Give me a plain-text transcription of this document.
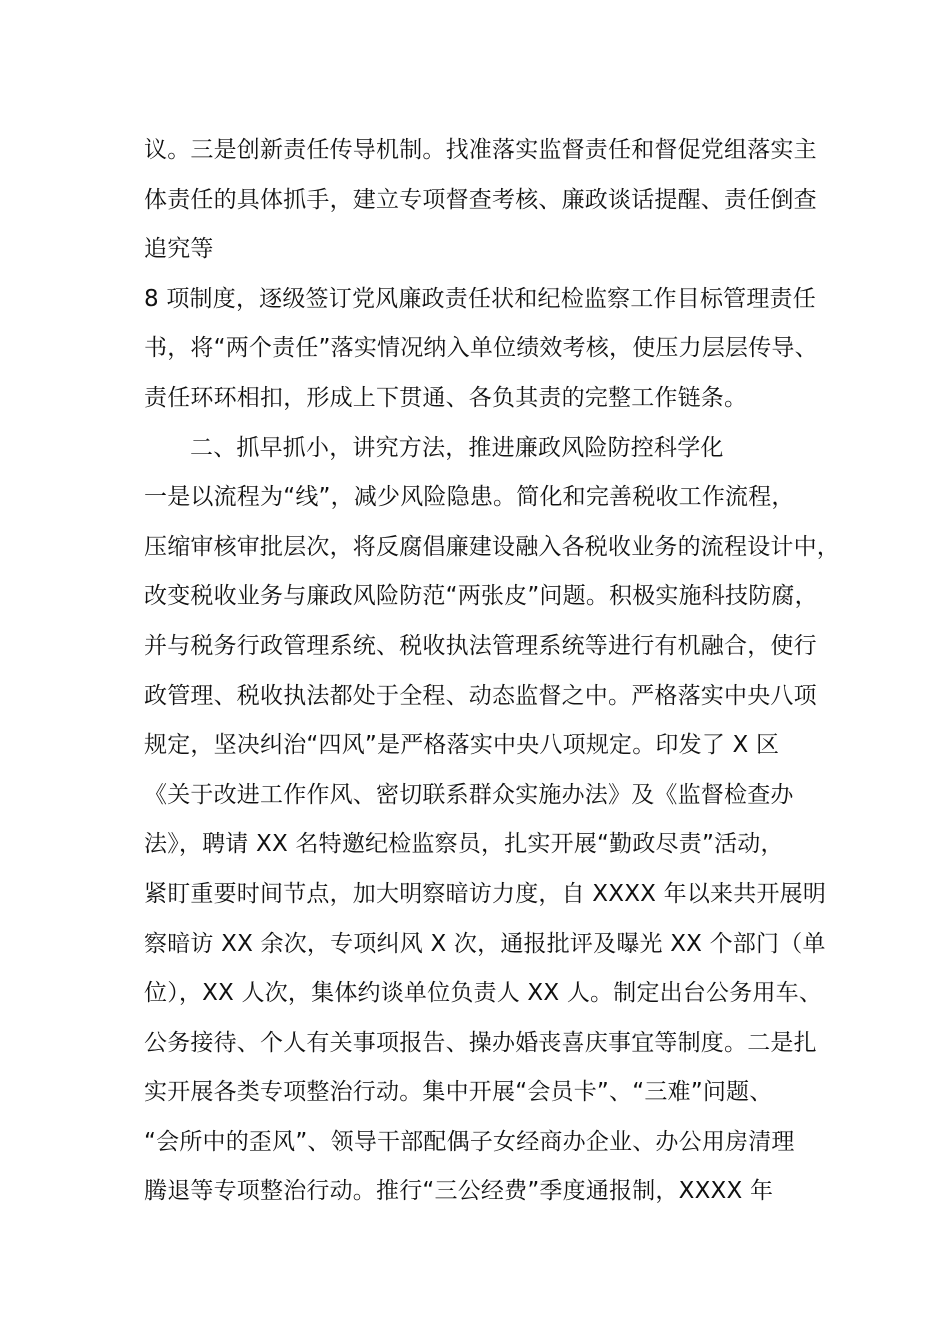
议。三是创新责任传导机制。找准落实监督责任和督促党组落实主
体责任的具体抓手，建立专项督查考核、廉政谈话提醒、责任倒查
追究等
8 项制度，逐级签订党风廉政责任状和纪检监察工作目标管理责任
书，将“两个责任”落实情况纳入单位绩效考核，使压力层层传导、
责任环环相扣，形成上下贯通、各负其责的完整工作链条。
二、抓早抓小，讲究方法，推进廉政风险防控科学化
一是以流程为“线”，减少风险隐患。简化和完善税收工作流程，
压缩审核审批层次，将反腐倡廉建设融入各税收业务的流程设计中，
改变税收业务与廉政风险防范“两张皮”问题。积极实施科技防腐，
并与税务行政管理系统、税收执法管理系统等进行有机融合，使行
政管理、税收执法都处于全程、动态监督之中。严格落实中央八项
规定，坚决纠治“四风”是严格落实中央八项规定。印发了 X 区
《关于改进工作作风、密切联系群众实施办法》及《监督检查办
法》，聘请 XX 名特邀纪检监察员，扎实开展“勤政尽责”活动，
紧盯重要时间节点，加大明察暗访力度，自 XXXX 年以来共开展明
察暗访 XX 余次，专项纠风 X 次，通报批评及曝光 XX 个部门（单
位），XX 人次，集体约谈单位负责人 XX 人。制定出台公务用车、
公务接待、个人有关事项报告、操办婚丧喜庆事宜等制度。二是扎
实开展各类专项整治行动。集中开展“会员卡”、“三难”问题、
“会所中的歪风”、领导干部配偶子女经商办企业、办公用房清理
腾退等专项整治行动。推行“三公经费”季度通报制，XXXX 年
